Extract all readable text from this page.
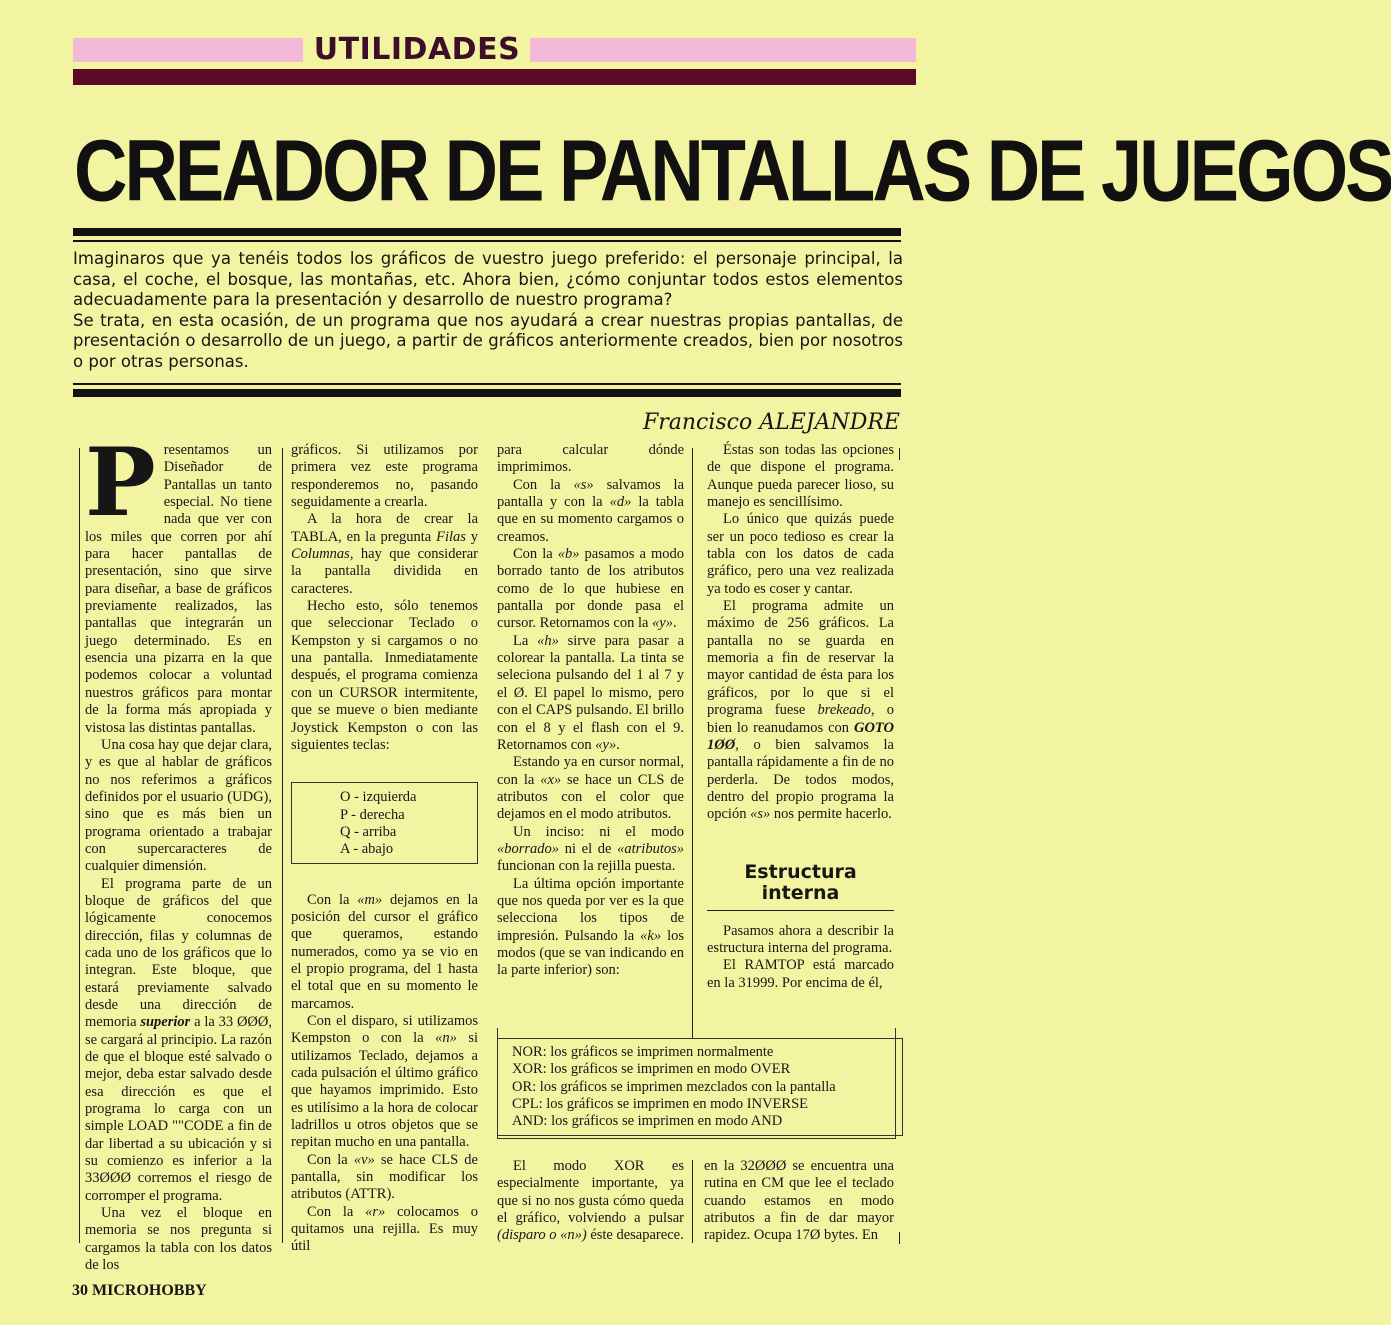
UTILIDADES
CREADOR DE PANTALLAS DE JUEGOS

Imaginaros que ya tenéis todos los gráficos de vuestro juego preferido: el personaje principal, la casa, el coche, el bosque, las montañas, etc. Ahora bien, ¿cómo conjuntar todos estos elementos adecuadamente para la presentación y desarrollo de nuestro programa?

Se trata, en esta ocasión, de un programa que nos ayudará a crear nuestras propias pantallas, de presentación o desarrollo de un juego, a partir de gráficos anteriormente creados, bien por nosotros o por otras personas.

Francisco ALEJANDRE

Presentamos un Diseñador de Pantallas un tanto especial. No tiene nada que ver con los miles que corren por ahí para hacer pantallas de presentación, sino que sirve para diseñar, a base de gráficos previamente realizados, las pantallas que integrarán un juego determinado. Es en esencia una pizarra en la que podemos colocar a voluntad nuestros gráficos para montar de la forma más apropiada y vistosa las distintas pantallas.

Una cosa hay que dejar clara, y es que al hablar de gráficos no nos referimos a gráficos definidos por el usuario (UDG), sino que es más bien un programa orientado a trabajar con supercaracteres de cualquier dimensión.

El programa parte de un bloque de gráficos del que lógicamente conocemos dirección, filas y columnas de cada uno de los gráficos que lo integran. Este bloque, que estará previamente salvado desde una dirección de memoria superior a la 33 ØØØ, se cargará al principio. La razón de que el bloque esté salvado o mejor, deba estar salvado desde esa dirección es que el programa lo carga con un simple LOAD ""CODE a fin de dar libertad a su ubicación y si su comienzo es inferior a la 33ØØØ corremos el riesgo de corromper el programa.

Una vez el bloque en memoria se nos pregunta si cargamos la tabla con los datos de los

gráficos. Si utilizamos por primera vez este programa responderemos no, pasando seguidamente a crearla.

A la hora de crear la TABLA, en la pregunta Filas y Columnas, hay que considerar la pantalla dividida en caracteres.

Hecho esto, sólo tenemos que seleccionar Teclado o Kempston y si cargamos o no una pantalla. Inmediatamente después, el programa comienza con un CURSOR intermitente, que se mueve o bien mediante Joystick Kempston o con las siguientes teclas:

O - izquierda
P - derecha
Q - arriba
A - abajo

Con la «m» dejamos en la posición del cursor el gráfico que queramos, estando numerados, como ya se vio en el propio programa, del 1 hasta el total que en su momento le marcamos.

Con el disparo, si utilizamos Kempston o con la «n» si utilizamos Teclado, dejamos a cada pulsación el último gráfico que hayamos imprimido. Esto es utilísimo a la hora de colocar ladrillos u otros objetos que se repitan mucho en una pantalla.

Con la «v» se hace CLS de pantalla, sin modificar los atributos (ATTR).

Con la «r» colocamos o quitamos una rejilla. Es muy útil

para calcular dónde imprimimos.

Con la «s» salvamos la pantalla y con la «d» la tabla que en su momento cargamos o creamos.

Con la «b» pasamos a modo borrado tanto de los atributos como de lo que hubiese en pantalla por donde pasa el cursor. Retornamos con la «y».

La «h» sirve para pasar a colorear la pantalla. La tinta se seleciona pulsando del 1 al 7 y el Ø. El papel lo mismo, pero con el CAPS pulsando. El brillo con el 8 y el flash con el 9. Retornamos con «y».

Estando ya en cursor normal, con la «x» se hace un CLS de atributos con el color que dejamos en el modo atributos.

Un inciso: ni el modo «borrado» ni el de «atributos» funcionan con la rejilla puesta.

La última opción importante que nos queda por ver es la que selecciona los tipos de impresión. Pulsando la «k» los modos (que se van indicando en la parte inferior) son:

Éstas son todas las opciones de que dispone el programa. Aunque pueda parecer lioso, su manejo es sencillísimo.

Lo único que quizás puede ser un poco tedioso es crear la tabla con los datos de cada gráfico, pero una vez realizada ya todo es coser y cantar.

El programa admite un máximo de 256 gráficos. La pantalla no se guarda en memoria a fin de reservar la mayor cantidad de ésta para los gráficos, por lo que si el programa fuese brekeado, o bien lo reanudamos con GOTO 1ØØ, o bien salvamos la pantalla rápidamente a fin de no perderla. De todos modos, dentro del propio programa la opción «s» nos permite hacerlo.

Estructura interna

Pasamos ahora a describir la estructura interna del programa.

El RAMTOP está marcado en la 31999. Por encima de él,

NOR: los gráficos se imprimen normalmente
XOR: los gráficos se imprimen en modo OVER
OR: los gráficos se imprimen mezclados con la pantalla
CPL: los gráficos se imprimen en modo INVERSE
AND: los gráficos se imprimen en modo AND

El modo XOR es especialmente importante, ya que si no nos gusta cómo queda el gráfico, volviendo a pulsar (disparo o «n») éste desaparece.

en la 32ØØØ se encuentra una rutina en CM que lee el teclado cuando estamos en modo atributos a fin de dar mayor rapidez. Ocupa 17Ø bytes. En

30 MICROHOBBY
